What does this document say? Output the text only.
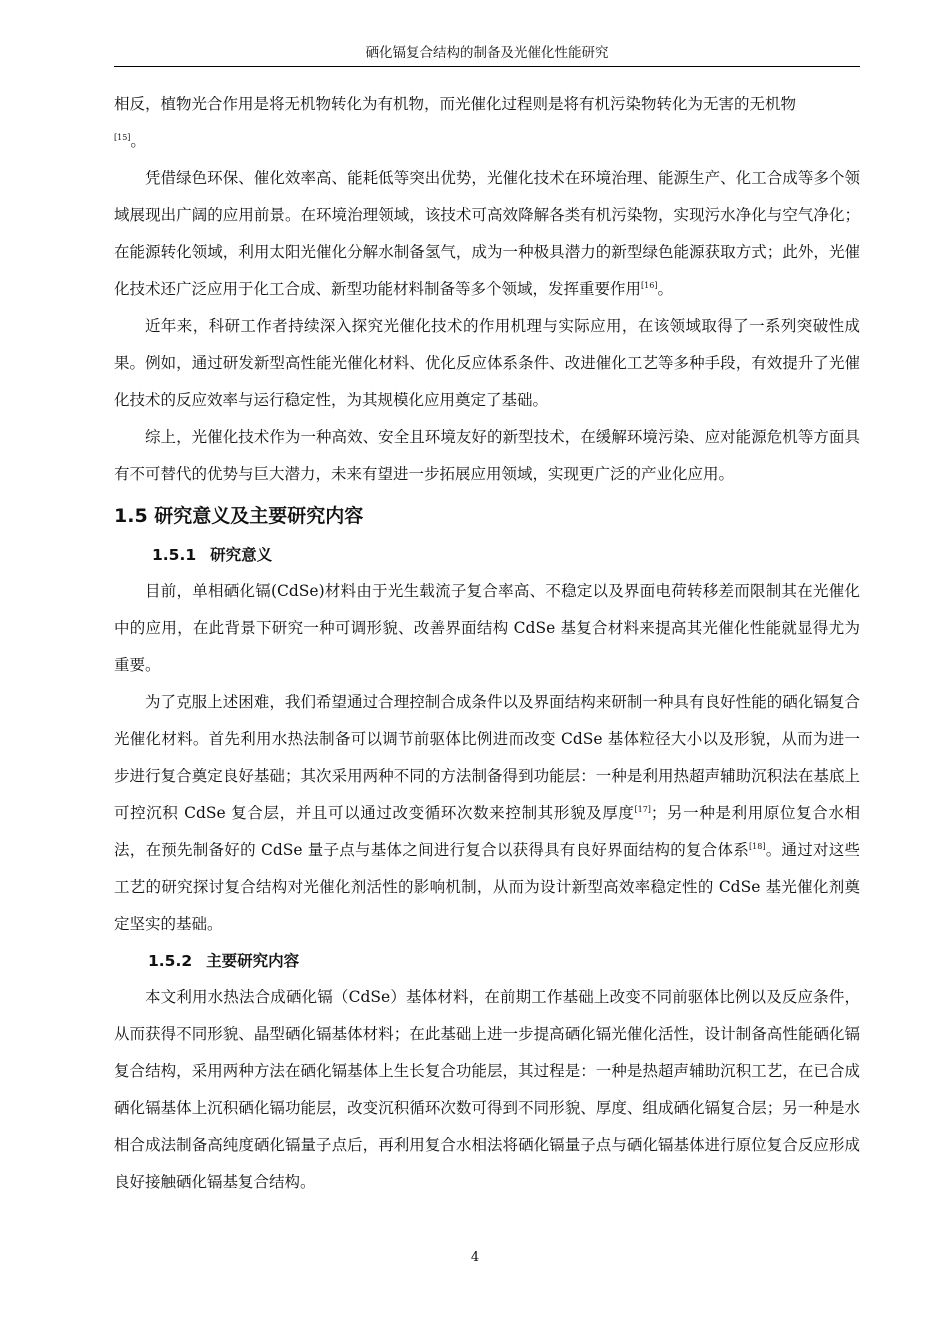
硒化镉复合结构的制备及光催化性能研究

相反，植物光合作用是将无机物转化为有机物，而光催化过程则是将有机污染物转化为无害的无机物
[15]。

凭借绿色环保、催化效率高、能耗低等突出优势，光催化技术在环境治理、能源生产、化工合成等多个领域展现出广阔的应用前景。在环境治理领域，该技术可高效降解各类有机污染物，实现污水净化与空气净化；在能源转化领域，利用太阳光催化分解水制备氢气，成为一种极具潜力的新型绿色能源获取方式；此外，光催化技术还广泛应用于化工合成、新型功能材料制备等多个领域，发挥重要作用[16]。

近年来，科研工作者持续深入探究光催化技术的作用机理与实际应用，在该领域取得了一系列突破性成果。例如，通过研发新型高性能光催化材料、优化反应体系条件、改进催化工艺等多种手段，有效提升了光催化技术的反应效率与运行稳定性，为其规模化应用奠定了基础。

综上，光催化技术作为一种高效、安全且环境友好的新型技术，在缓解环境污染、应对能源危机等方面具有不可替代的优势与巨大潜力，未来有望进一步拓展应用领域，实现更广泛的产业化应用。

1.5 研究意义及主要研究内容
1.5.1 研究意义

目前，单相硒化镉(CdSe)材料由于光生载流子复合率高、不稳定以及界面电荷转移差而限制其在光催化中的应用，在此背景下研究一种可调形貌、改善界面结构 CdSe 基复合材料来提高其光催化性能就显得尤为重要。

为了克服上述困难，我们希望通过合理控制合成条件以及界面结构来研制一种具有良好性能的硒化镉复合光催化材料。首先利用水热法制备可以调节前驱体比例进而改变 CdSe 基体粒径大小以及形貌，从而为进一步进行复合奠定良好基础；其次采用两种不同的方法制备得到功能层：一种是利用热超声辅助沉积法在基底上可控沉积 CdSe 复合层，并且可以通过改变循环次数来控制其形貌及厚度[17]；另一种是利用原位复合水相法，在预先制备好的 CdSe 量子点与基体之间进行复合以获得具有良好界面结构的复合体系[18]。通过对这些工艺的研究探讨复合结构对光催化剂活性的影响机制，从而为设计新型高效率稳定性的 CdSe 基光催化剂奠定坚实的基础。

1.5.2 主要研究内容

本文利用水热法合成硒化镉（CdSe）基体材料，在前期工作基础上改变不同前驱体比例以及反应条件，从而获得不同形貌、晶型硒化镉基体材料；在此基础上进一步提高硒化镉光催化活性，设计制备高性能硒化镉复合结构，采用两种方法在硒化镉基体上生长复合功能层，其过程是：一种是热超声辅助沉积工艺，在已合成硒化镉基体上沉积硒化镉功能层，改变沉积循环次数可得到不同形貌、厚度、组成硒化镉复合层；另一种是水相合成法制备高纯度硒化镉量子点后，再利用复合水相法将硒化镉量子点与硒化镉基体进行原位复合反应形成良好接触硒化镉基复合结构。

4
